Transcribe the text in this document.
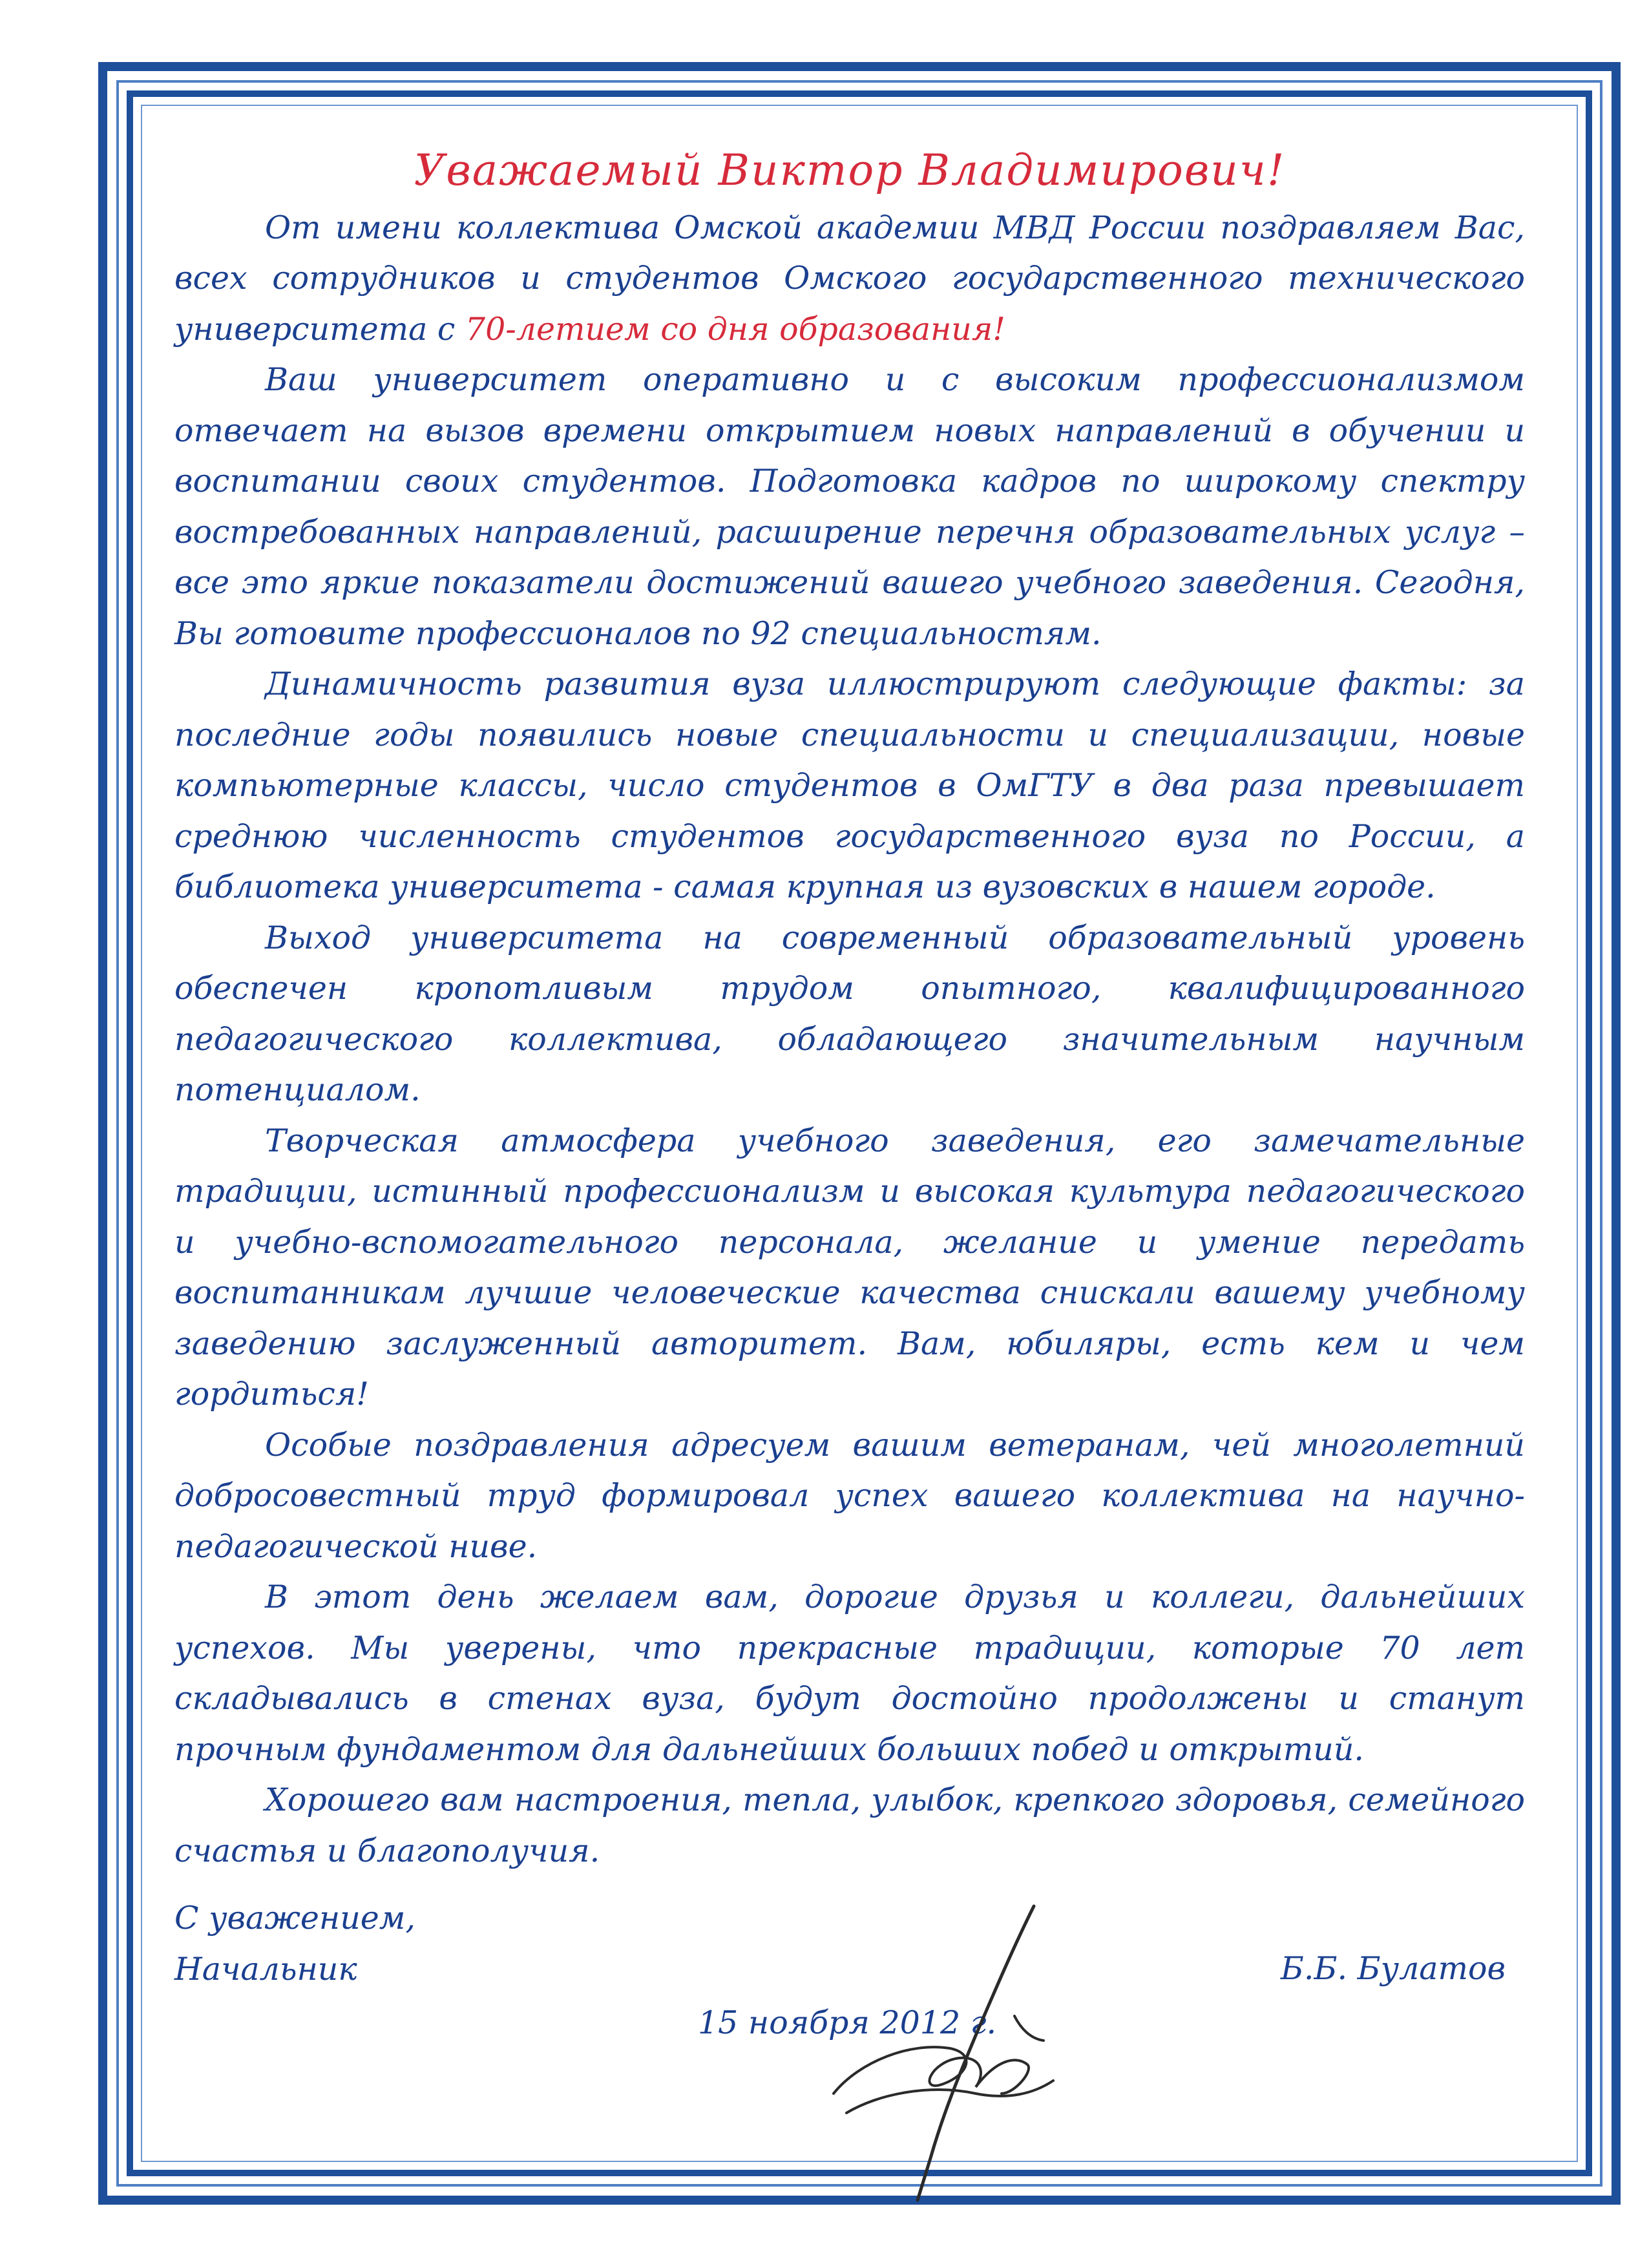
Уважаемый Виктор Владимирович!

От имени коллектива Омской академии МВД России поздравляем Вас, всех сотрудников и студентов Омского государственного технического университета с 70-летием со дня образования!

Ваш университет оперативно и с высоким профессионализмом отвечает на вызов времени открытием новых направлений в обучении и воспитании своих студентов. Подготовка кадров по широкому спектру востребованных направлений, расширение перечня образовательных услуг – все это яркие показатели достижений вашего учебного заведения. Сегодня, Вы готовите профессионалов по 92 специальностям.

Динамичность развития вуза иллюстрируют следующие факты: за последние годы появились новые специальности и специализации, новые компьютерные классы, число студентов в ОмГТУ в два раза превышает среднюю численность студентов государственного вуза по России, а библиотека университета - самая крупная из вузовских в нашем городе.

Выход университета на современный образовательный уровень обеспечен кропотливым трудом опытного, квалифицированного педагогического коллектива, обладающего значительным научным потенциалом.

Творческая атмосфера учебного заведения, его замечательные традиции, истинный профессионализм и высокая культура педагогического и учебно-вспомогательного персонала, желание и умение передать воспитанникам лучшие человеческие качества снискали вашему учебному заведению заслуженный авторитет. Вам, юбиляры, есть кем и чем гордиться!

Особые поздравления адресуем вашим ветеранам, чей многолетний добросовестный труд формировал успех вашего коллектива на научно-педагогической ниве.

В этот день желаем вам, дорогие друзья и коллеги, дальнейших успехов. Мы уверены, что прекрасные традиции, которые 70 лет складывались в стенах вуза, будут достойно продолжены и станут прочным фундаментом для дальнейших больших побед и открытий.

Хорошего вам настроения, тепла, улыбок, крепкого здоровья, семейного счастья и благополучия.

С уважением,
Начальник	Б.Б. Булатов
15 ноября 2012 г.
